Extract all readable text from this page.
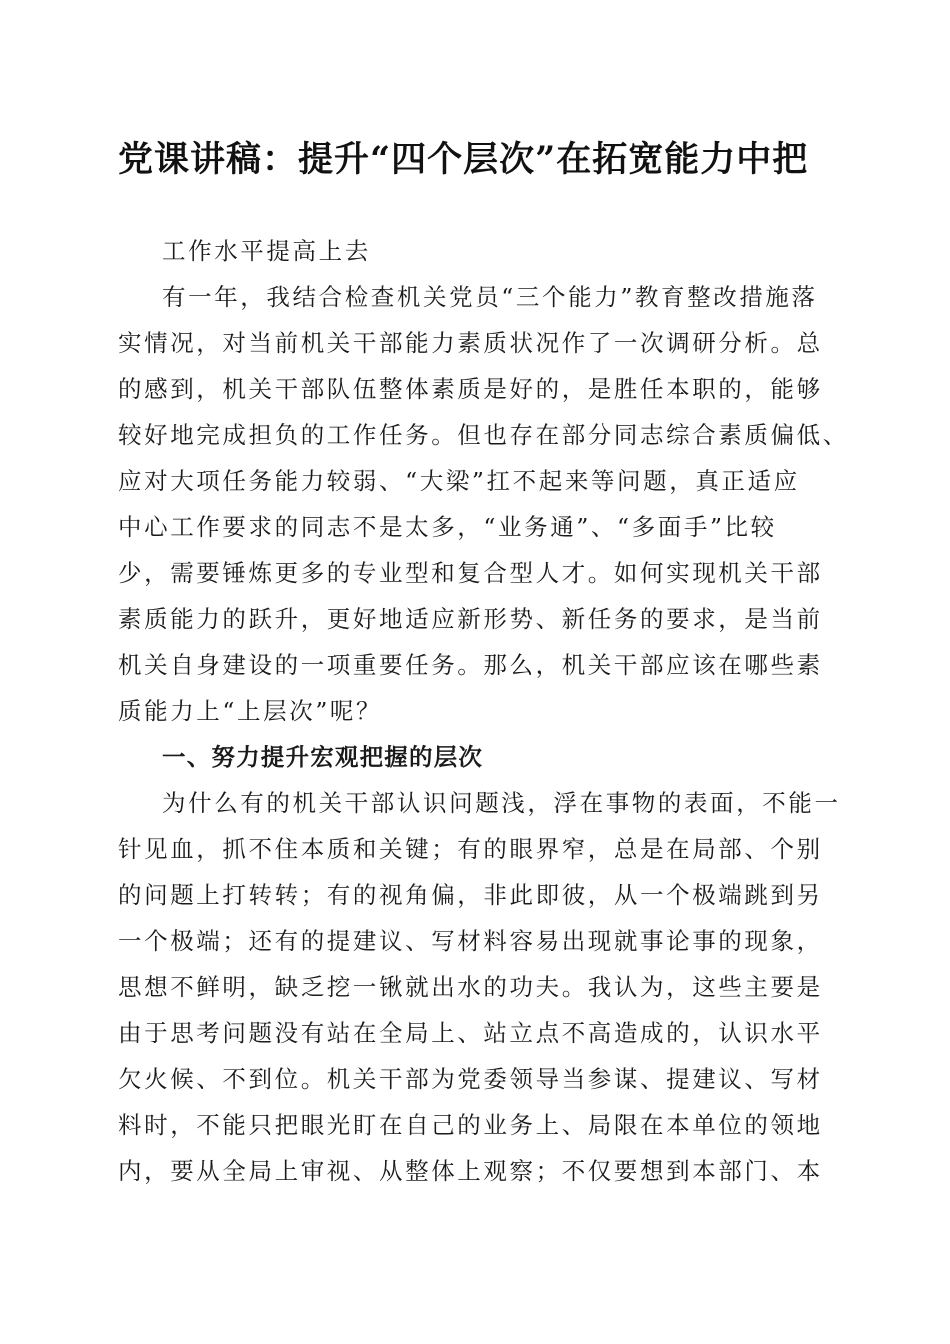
党课讲稿：提升“四个层次”在拓宽能力中把
工作水平提高上去
有一年，我结合检查机关党员“三个能力”教育整改措施落
实情况，对当前机关干部能力素质状况作了一次调研分析。总
的感到，机关干部队伍整体素质是好的，是胜任本职的，能够
较好地完成担负的工作任务。但也存在部分同志综合素质偏低、
应对大项任务能力较弱、“大梁”扛不起来等问题，真正适应
中心工作要求的同志不是太多，“业务通”、“多面手”比较
少，需要锤炼更多的专业型和复合型人才。如何实现机关干部
素质能力的跃升，更好地适应新形势、新任务的要求，是当前
机关自身建设的一项重要任务。那么，机关干部应该在哪些素
质能力上“上层次”呢？
一、努力提升宏观把握的层次
为什么有的机关干部认识问题浅，浮在事物的表面，不能一
针见血，抓不住本质和关键；有的眼界窄，总是在局部、个别
的问题上打转转；有的视角偏，非此即彼，从一个极端跳到另
一个极端；还有的提建议、写材料容易出现就事论事的现象，
思想不鲜明，缺乏挖一锹就出水的功夫。我认为，这些主要是
由于思考问题没有站在全局上、站立点不高造成的，认识水平
欠火候、不到位。机关干部为党委领导当参谋、提建议、写材
料时，不能只把眼光盯在自己的业务上、局限在本单位的领地
内，要从全局上审视、从整体上观察；不仅要想到本部门、本
